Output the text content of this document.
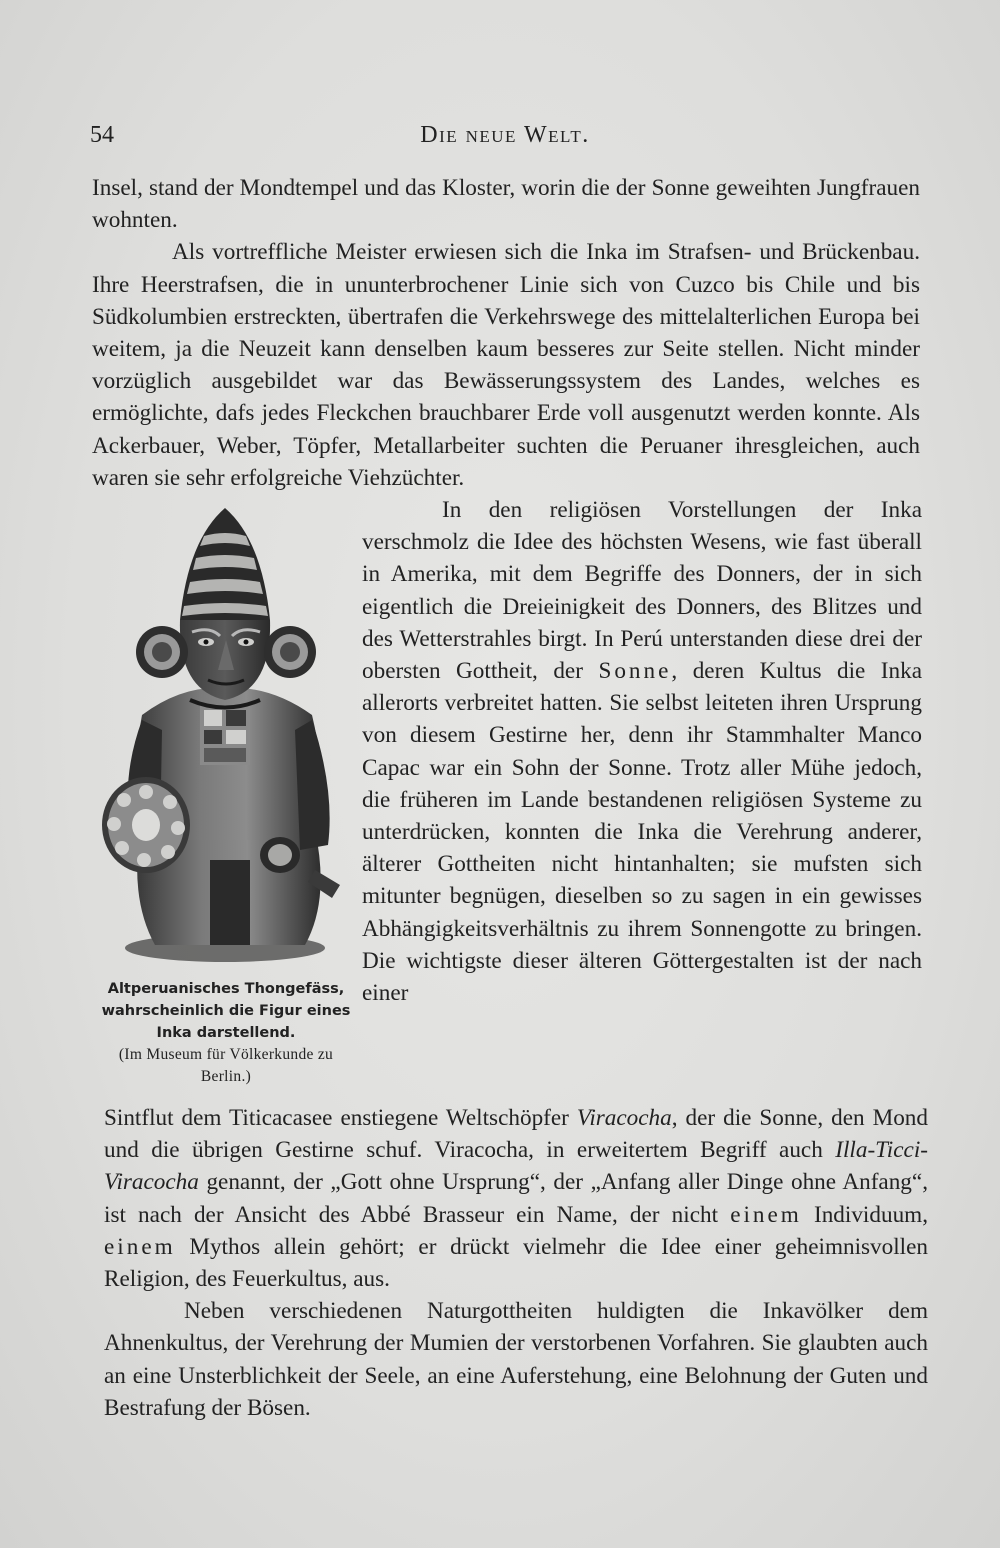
54	Die neue Welt.

Insel, stand der Mondtempel und das Kloster, worin die der Sonne geweihten Jungfrauen wohnten.

Als vortreffliche Meister erwiesen sich die Inka im Strafsen- und Brückenbau. Ihre Heerstrafsen, die in ununterbrochener Linie sich von Cuzco bis Chile und bis Südkolumbien erstreckten, übertrafen die Verkehrswege des mittelalterlichen Europa bei weitem, ja die Neuzeit kann denselben kaum besseres zur Seite stellen. Nicht minder vorzüglich ausgebildet war das Bewässerungssystem des Landes, welches es ermöglichte, dafs jedes Fleckchen brauchbarer Erde voll ausgenutzt werden konnte. Als Ackerbauer, Weber, Töpfer, Metallarbeiter suchten die Peruaner ihresgleichen, auch waren sie sehr erfolgreiche Viehzüchter.

Altperuanisches Thongefäss, wahrscheinlich die Figur eines Inka darstellend.
(Im Museum für Völkerkunde zu Berlin.)

In den religiösen Vorstellungen der Inka verschmolz die Idee des höchsten Wesens, wie fast überall in Amerika, mit dem Begriffe des Donners, der in sich eigentlich die Dreieinigkeit des Donners, des Blitzes und des Wetterstrahles birgt. In Perú unterstanden diese drei der obersten Gottheit, der Sonne, deren Kultus die Inka allerorts verbreitet hatten. Sie selbst leiteten ihren Ursprung von diesem Gestirne her, denn ihr Stammhalter Manco Capac war ein Sohn der Sonne. Trotz aller Mühe jedoch, die früheren im Lande bestandenen religiösen Systeme zu unterdrücken, konnten die Inka die Verehrung anderer, älterer Gottheiten nicht hintanhalten; sie mufsten sich mitunter begnügen, dieselben so zu sagen in ein gewisses Abhängigkeitsverhältnis zu ihrem Sonnengotte zu bringen. Die wichtigste dieser älteren Göttergestalten ist der nach einer

Sintflut dem Titicacasee enstiegene Weltschöpfer Viracocha, der die Sonne, den Mond und die übrigen Gestirne schuf. Viracocha, in erweitertem Begriff auch Illa-Ticci-Viracocha genannt, der „Gott ohne Ursprung“, der „Anfang aller Dinge ohne Anfang“, ist nach der Ansicht des Abbé Brasseur ein Name, der nicht einem Individuum, einem Mythos allein gehört; er drückt vielmehr die Idee einer geheimnisvollen Religion, des Feuerkultus, aus.

Neben verschiedenen Naturgottheiten huldigten die Inkavölker dem Ahnenkultus, der Verehrung der Mumien der verstorbenen Vorfahren. Sie glaubten auch an eine Unsterblichkeit der Seele, an eine Auferstehung, eine Belohnung der Guten und Bestrafung der Bösen.
